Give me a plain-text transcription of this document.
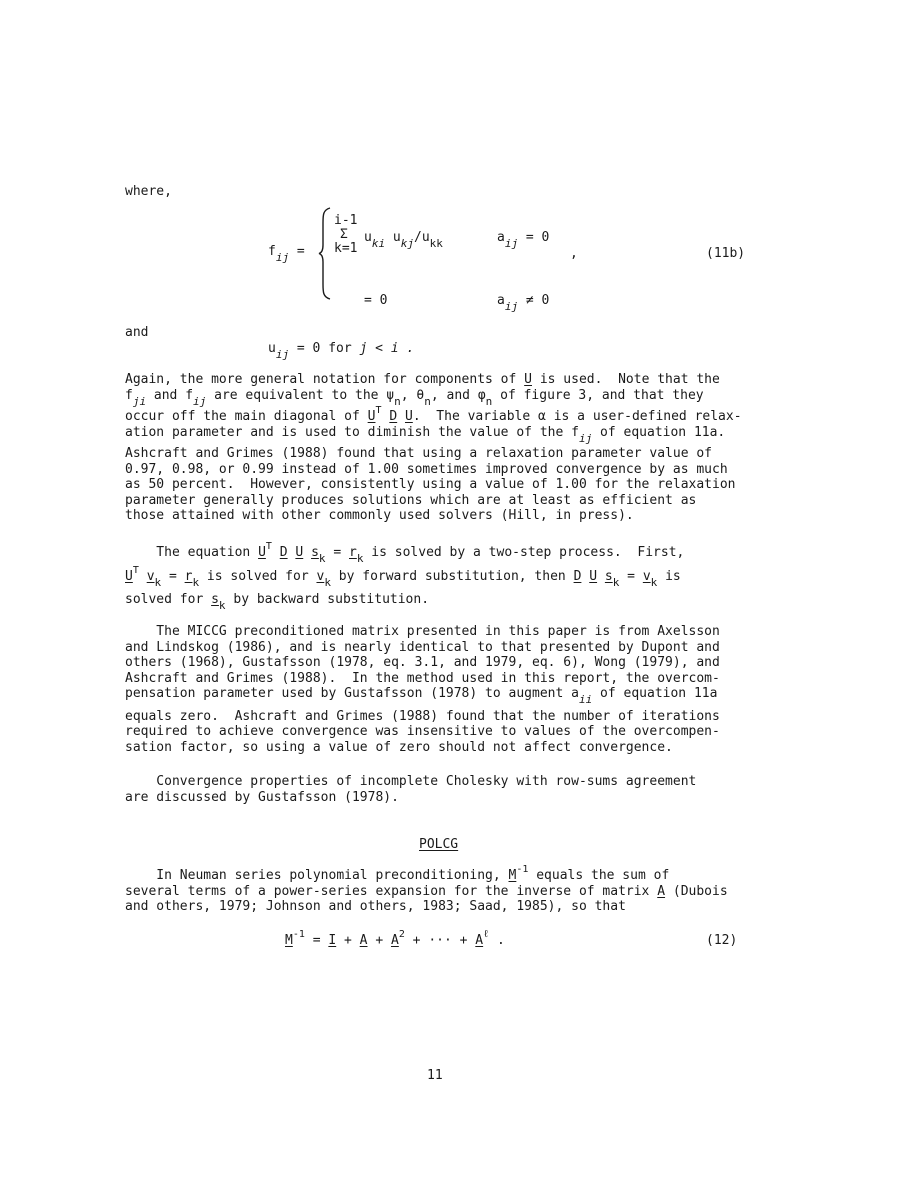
where,
$f_{ij}$ =
i-1
Σ
k=1
$u_{ki}$ $u_{kj}/u_{kk}$	$a_{ij} = 0$
,	(11b)
= 0	$a_{ij} \ne 0$
and
$u_{ij} = 0$ for j < i .
Again, the more general notation for components of U is used.  Note that the
$f_{ji}$ and $f_{ij}$ are equivalent to the $\psi_n$, $\theta_n$, and $\varphi_n$ of figure 3, and that they
occur off the main diagonal of $U^T$ D U.  The variable α is a user-defined relax-
ation parameter and is used to diminish the value of the $f_{ij}$ of equation 11a.
Ashcraft and Grimes (1988) found that using a relaxation parameter value of
0.97, 0.98, or 0.99 instead of 1.00 sometimes improved convergence by as much
as 50 percent.  However, consistently using a value of 1.00 for the relaxation
parameter generally produces solutions which are at least as efficient as
those attained with other commonly used solvers (Hill, in press).
The equation $U^T$ D U $s_k = r_k$ is solved by a two-step process.  First,
$U^T$ $v_k = r_k$ is solved for $v_k$ by forward substitution, then D U $s_k = v_k$ is
solved for $s_k$ by backward substitution.
The MICCG preconditioned matrix presented in this paper is from Axelsson
and Lindskog (1986), and is nearly identical to that presented by Dupont and
others (1968), Gustafsson (1978, eq. 3.1, and 1979, eq. 6), Wong (1979), and
Ashcraft and Grimes (1988).  In the method used in this report, the overcom-
pensation parameter used by Gustafsson (1978) to augment $a_{ii}$ of equation 11a
equals zero.  Ashcraft and Grimes (1988) found that the number of iterations
required to achieve convergence was insensitive to values of the overcompen-
sation factor, so using a value of zero should not affect convergence.
Convergence properties of incomplete Cholesky with row-sums agreement
are discussed by Gustafsson (1978).
POLCG
In Neuman series polynomial preconditioning, $M^{-1}$ equals the sum of
several terms of a power-series expansion for the inverse of matrix A (Dubois
and others, 1979; Johnson and others, 1983; Saad, 1985), so that
$M^{-1} = I + A + A^2$ + ··· + $A^\ell$ .	(12)
11
